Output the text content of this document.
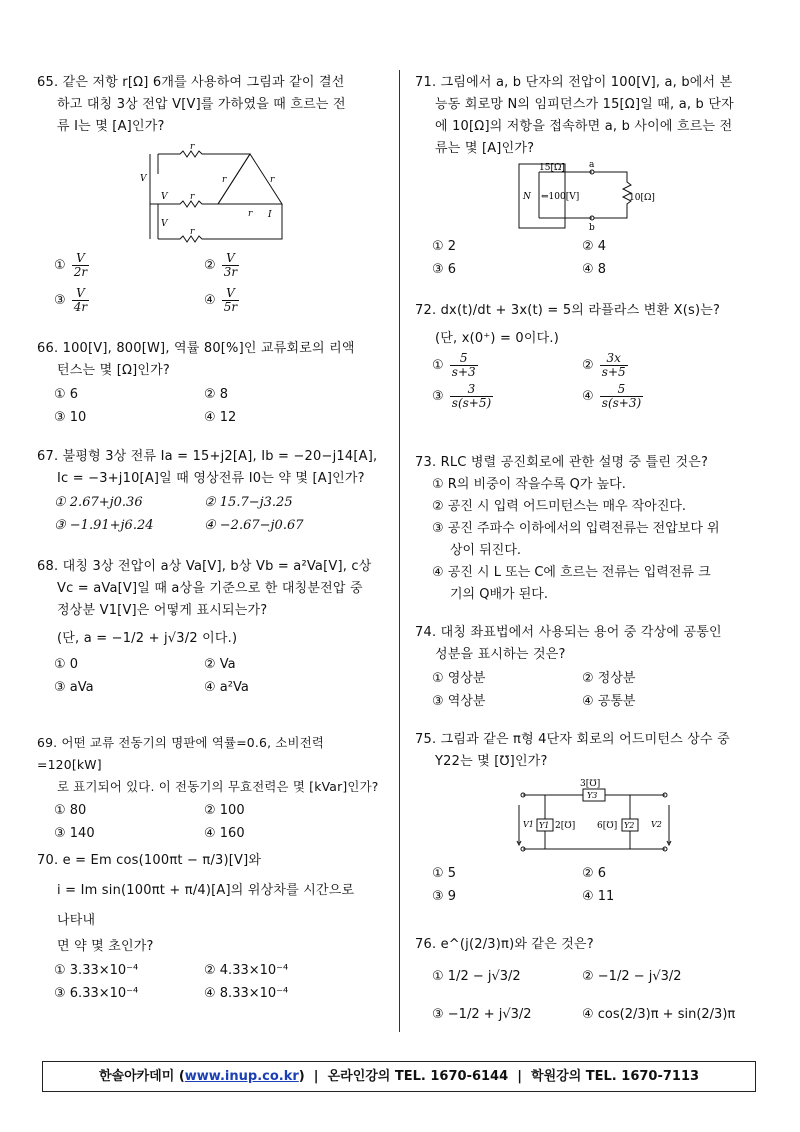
65. 같은 저항 r[Ω] 6개를 사용하여 그림과 같이 결선
하고 대칭 3상 전압 V[V]를 가하였을 때 흐르는 전
류 I는 몇 [A]인가?
r
r
r
r	r
r
V
V
V
I
① $\frac{V}{2r}$	② $\frac{V}{3r}$
③ $\frac{V}{4r}$	④ $\frac{V}{5r}$
66. 100[V], 800[W], 역률 80[%]인 교류회로의 리액
턴스는 몇 [Ω]인가?
① 6	② 8
③ 10	④ 12
67. 불평형 3상 전류 Ia = 15+j2[A], Ib = −20−j14[A],
Ic = −3+j10[A]일 때 영상전류 I0는 약 몇 [A]인가?
① 2.67+j0.36	② 15.7−j3.25
③ −1.91+j6.24	④ −2.67−j0.67
68. 대칭 3상 전압이 a상 Va[V], b상 Vb = a²Va[V], c상
Vc = aVa[V]일 때 a상을 기준으로 한 대칭분전압 중
정상분 V1[V]은 어떻게 표시되는가?
(단, a = −1/2 + j√3/2 이다.)
① 0	② Va
③ aVa	④ a²Va
69. 어떤 교류 전동기의 명판에 역률=0.6, 소비전력=120[kW]
로 표기되어 있다. 이 전동기의 무효전력은 몇 [kVar]인가?
① 80	② 100
③ 140	④ 160
70. e = Em cos(100πt − π/3)[V]와
i = Im sin(100πt + π/4)[A]의 위상차를 시간으로 나타내
면 약 몇 초인가?
① 3.33×10⁻⁴	② 4.33×10⁻⁴
③ 6.33×10⁻⁴	④ 8.33×10⁻⁴
71. 그림에서 a, b 단자의 전압이 100[V], a, b에서 본
능동 회로망 N의 임피던스가 15[Ω]일 때, a, b 단자
에 10[Ω]의 저항을 접속하면 a, b 사이에 흐르는 전
류는 몇 [A]인가?
15[Ω]
N ⇐100[V]	10[Ω]
a
b
① 2	② 4
③ 6	④ 8
72. dx(t)/dt + 3x(t) = 5의 라플라스 변환 X(s)는?
(단, x(0⁺) = 0이다.)
① $\frac{5}{s+3}$	② $\frac{3x}{s+5}$
③ $\frac{3}{s(s+5)}$	④ $\frac{5}{s(s+3)}$
73. RLC 병렬 공진회로에 관한 설명 중 틀린 것은?
① R의 비중이 작을수록 Q가 높다.
② 공진 시 입력 어드미턴스는 매우 작아진다.
③ 공진 주파수 이하에서의 입력전류는 전압보다 위
상이 뒤진다.
④ 공진 시 L 또는 C에 흐르는 전류는 입력전류 크
기의 Q배가 된다.
74. 대칭 좌표법에서 사용되는 용어 중 각상에 공통인
성분을 표시하는 것은?
① 영상분	② 정상분
③ 역상분	④ 공통분
75. 그림과 같은 π형 4단자 회로의 어드미턴스 상수 중
Y22는 몇 [℧]인가?
3[℧]
Y3
Y1 2[℧] 6[℧] Y2
V1	V2
① 5	② 6
③ 9	④ 11
76. e^(j(2/3)π)와 같은 것은?
① 1/2 − j√3/2	② −1/2 − j√3/2
③ −1/2 + j√3/2	④ cos(2/3)π + sin(2/3)π
한솔아카데미 (www.inup.co.kr)  |  온라인강의 TEL. 1670-6144  |  학원강의 TEL. 1670-7113
